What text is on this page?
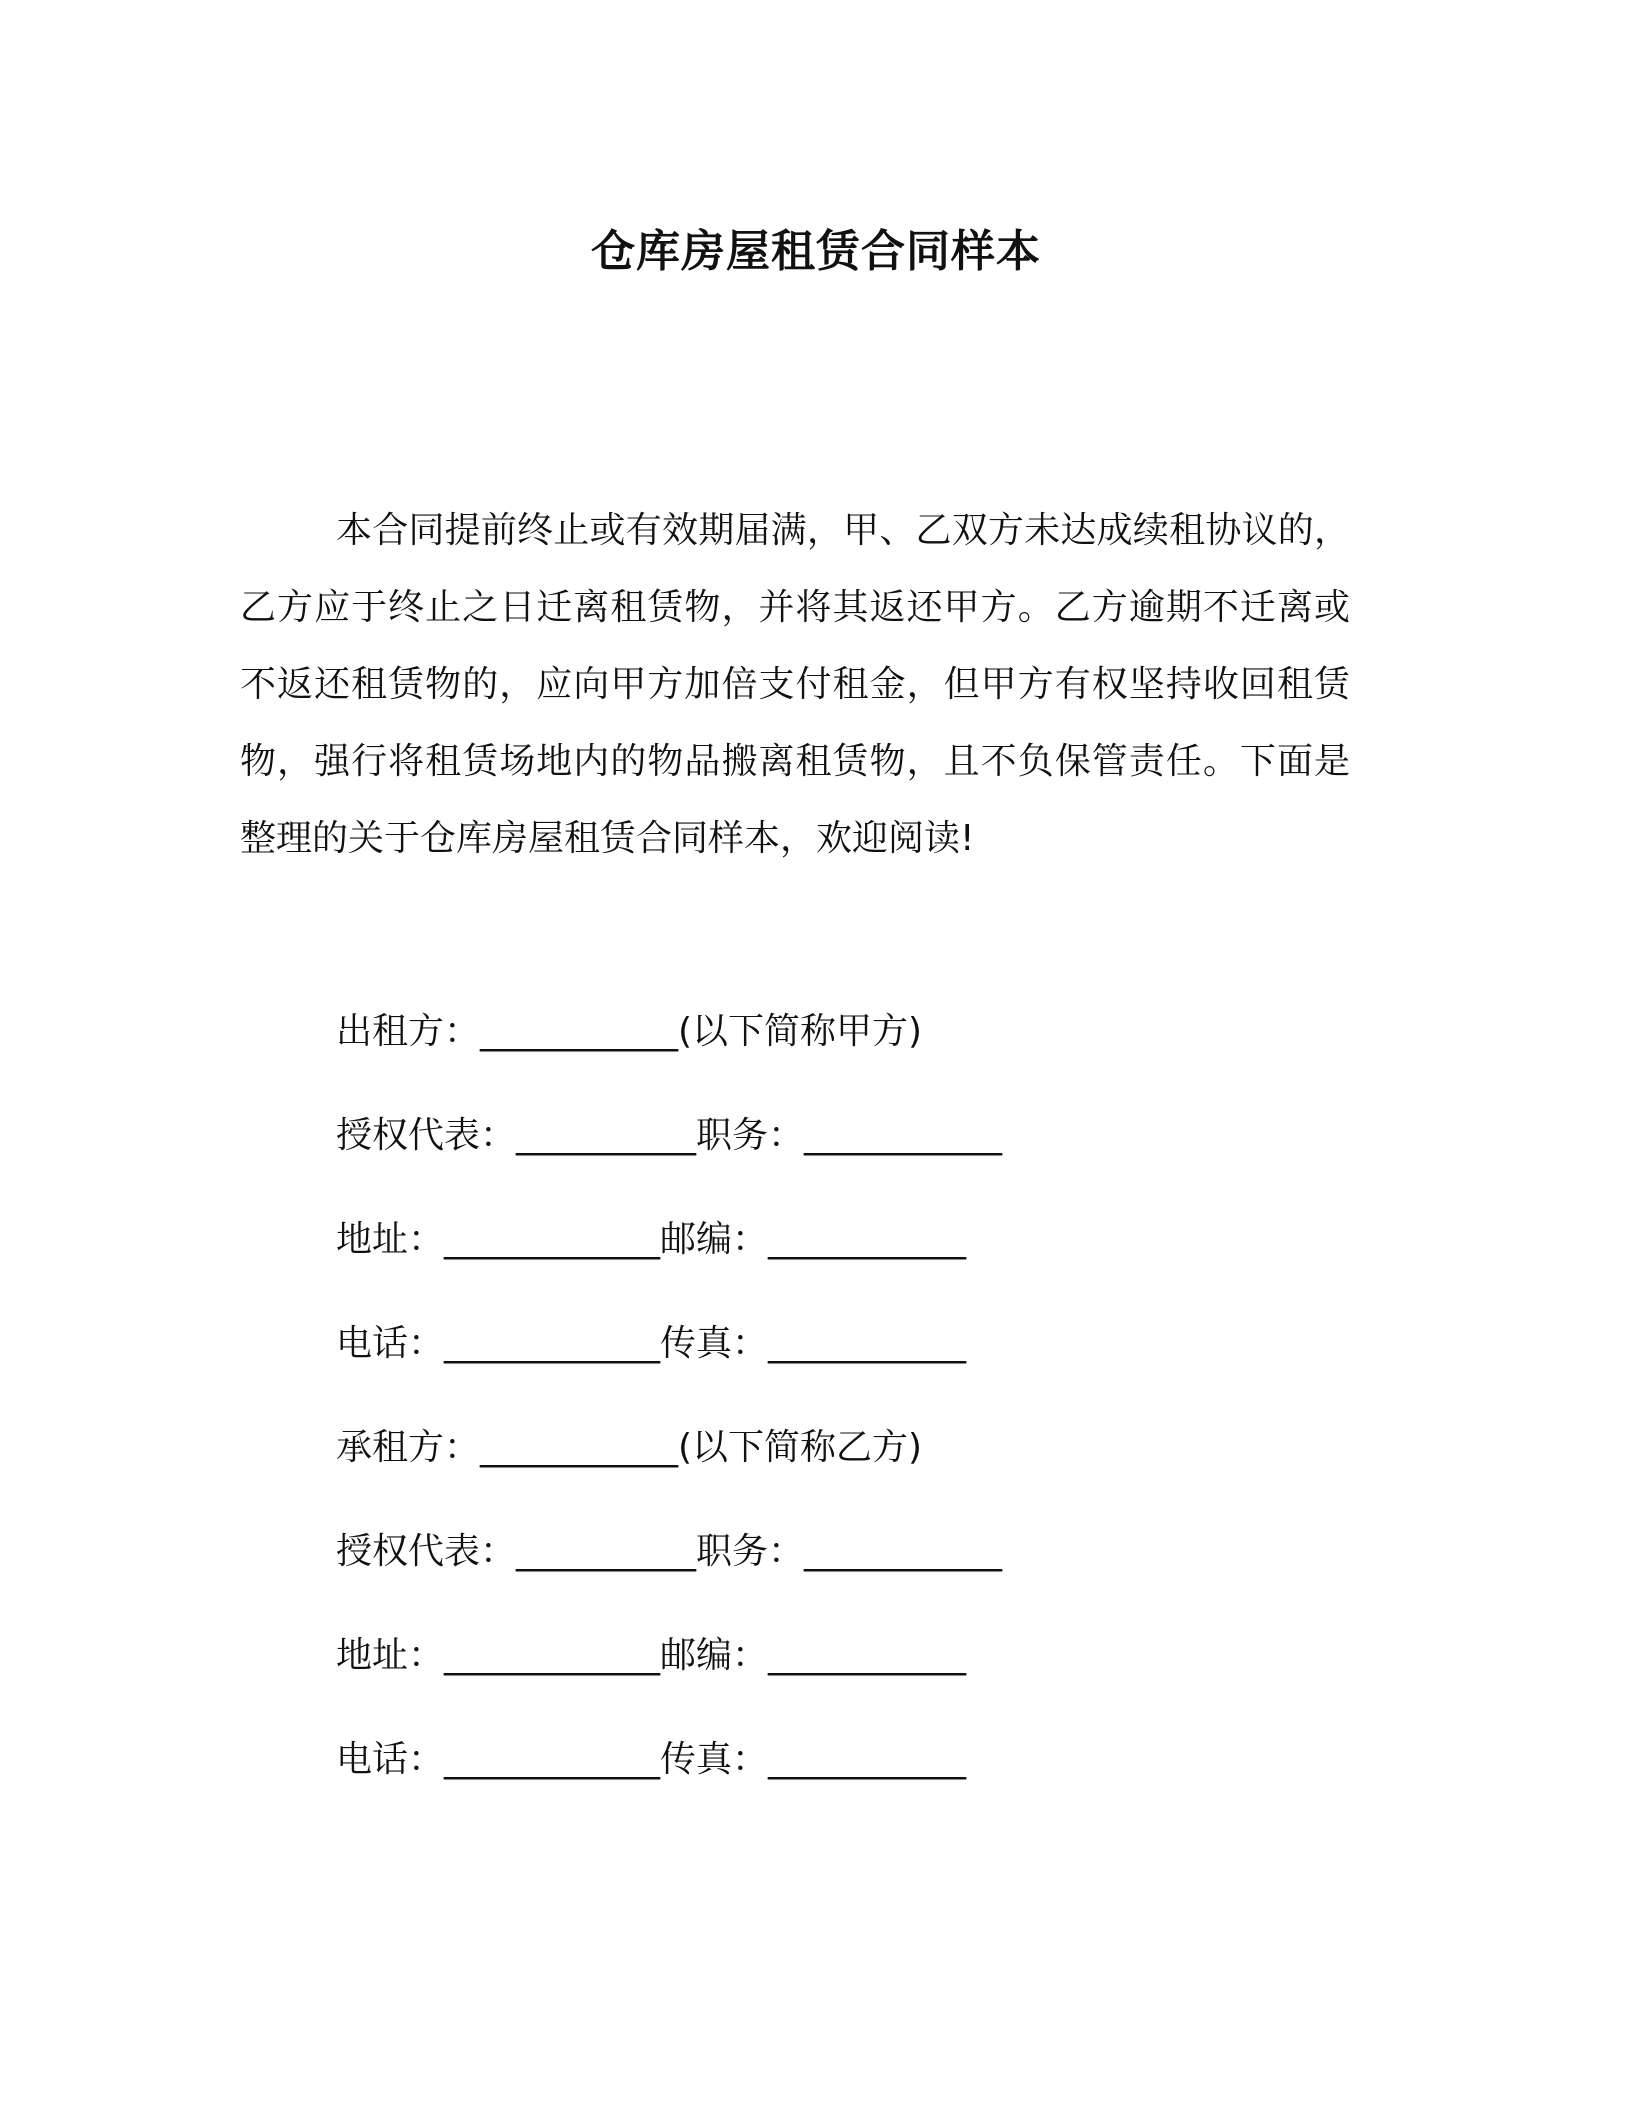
仓库房屋租赁合同样本

本合同提前终止或有效期届满，甲、乙双方未达成续租协议的，乙方应于终止之日迁离租赁物，并将其返还甲方。乙方逾期不迁离或不返还租赁物的，应向甲方加倍支付租金，但甲方有权坚持收回租赁物，强行将租赁场地内的物品搬离租赁物，且不负保管责任。下面是整理的关于仓库房屋租赁合同样本，欢迎阅读!

出租方：___________(以下简称甲方)
授权代表：__________职务：___________
地址：____________邮编：___________
电话：____________传真：___________
承租方：___________(以下简称乙方)
授权代表：__________职务：___________
地址：____________邮编：___________
电话：____________传真：___________
